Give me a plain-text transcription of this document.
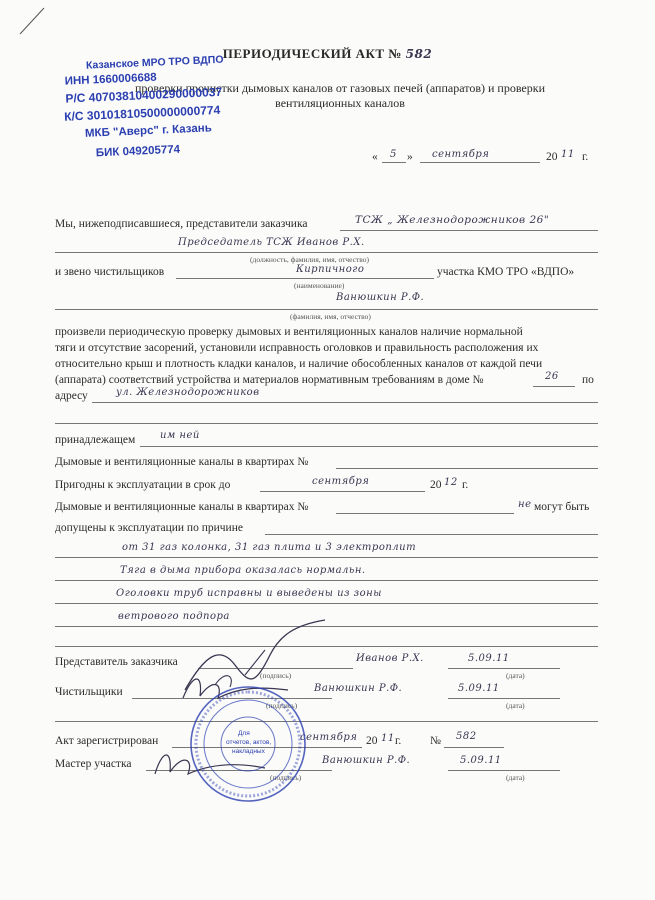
ПЕРИОДИЧЕСКИЙ АКТ № 582
проверки прочистки дымовых каналов от газовых печей (аппаратов) и проверки
вентиляционных каналов
Казанское МРО ТРО ВДПО
ИНН 1660006688
Р/С 40703810400290000037
К/С 30101810500000000774
МКБ "Аверс" г. Казань
БИК 049205774	« 5 » сентября	20 11 г.
Мы, нижеподписавшиеся, представители заказчика	ТСЖ „ Железнодорожников 26"
Председатель ТСЖ Иванов Р.Х.
(должность, фамилия, имя, отчество)
и звено чистильщиков	Кирпичного	участка КМО ТРО «ВДПО»
(наименование)
Ванюшкин Р.Ф.
(фамилия, имя, отчество)
произвели периодическую проверку дымовых и вентиляционных каналов наличие нормальной
тяги и отсутствие засорений, установили исправность оголовков и правильность расположения их
относительно крыш и плотность кладки каналов, и наличие обособленных каналов от каждой печи
(аппарата) соответствий устройства и материалов нормативным требованиям в доме №	26 по
адресу	ул. Железнодорожников
принадлежащем им ней
Дымовые и вентиляционные каналы в квартирах №
Пригодны к эксплуатации в срок до	сентября	20 12 г.
Дымовые и вентиляционные каналы в квартирах №	не могут быть
допущены к эксплуатации по причине
от 31 газ колонка, 31 газ плита и 3 электроплит
Тяга в дыма прибора оказалась нормальн.
Оголовки труб исправны и выведены из зоны
ветрового подпора
Представитель заказчика	Иванов Р.Х.	5.09.11
(подпись)	(дата)
Чистильщики	Ванюшкин Р.Ф.	5.09.11
(подпись)	(дата)
Акт зарегистрирован	сентября 20 11 г. № 582
Мастер участка	Ванюшкин Р.Ф.	5.09.11
(подпись)	(дата)
Для
отчетов, актов,
накладных
